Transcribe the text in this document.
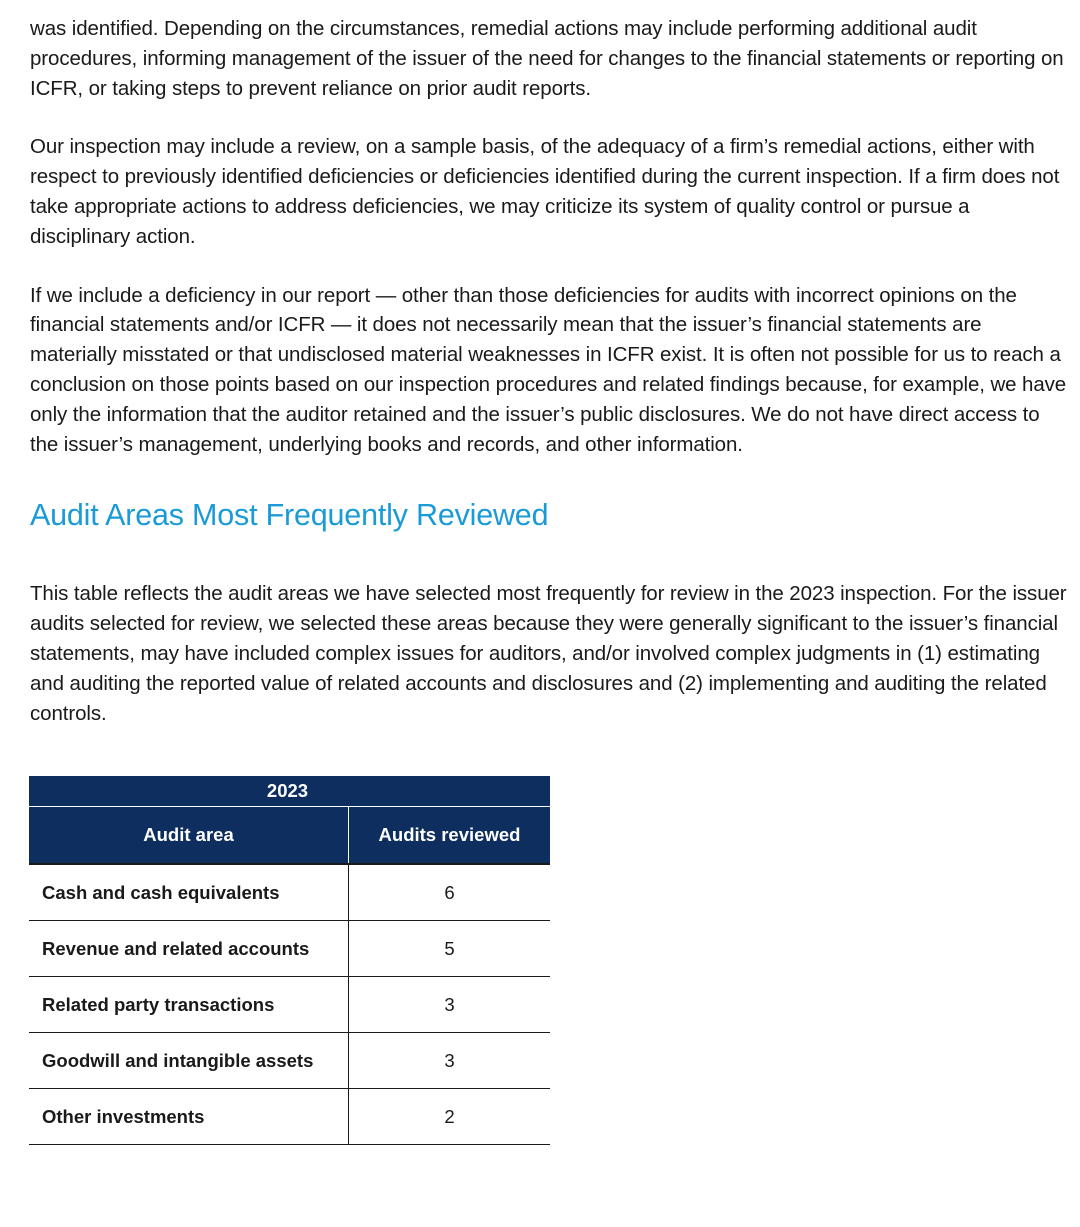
was identified. Depending on the circumstances, remedial actions may include performing additional audit procedures, informing management of the issuer of the need for changes to the financial statements or reporting on ICFR, or taking steps to prevent reliance on prior audit reports.

Our inspection may include a review, on a sample basis, of the adequacy of a firm’s remedial actions, either with respect to previously identified deficiencies or deficiencies identified during the current inspection. If a firm does not take appropriate actions to address deficiencies, we may criticize its system of quality control or pursue a disciplinary action.

If we include a deficiency in our report — other than those deficiencies for audits with incorrect opinions on the financial statements and/or ICFR — it does not necessarily mean that the issuer’s financial statements are materially misstated or that undisclosed material weaknesses in ICFR exist. It is often not possible for us to reach a conclusion on those points based on our inspection procedures and related findings because, for example, we have only the information that the auditor retained and the issuer’s public disclosures. We do not have direct access to the issuer’s management, underlying books and records, and other information.

Audit Areas Most Frequently Reviewed

This table reflects the audit areas we have selected most frequently for review in the 2023 inspection. For the issuer audits selected for review, we selected these areas because they were generally significant to the issuer’s financial statements, may have included complex issues for auditors, and/or involved complex judgments in (1) estimating and auditing the reported value of related accounts and disclosures and (2) implementing and auditing the related controls.

2023	
Audit area	Audits reviewed
Cash and cash equivalents	6
Revenue and related accounts	5
Related party transactions	3
Goodwill and intangible assets	3
Other investments	2
